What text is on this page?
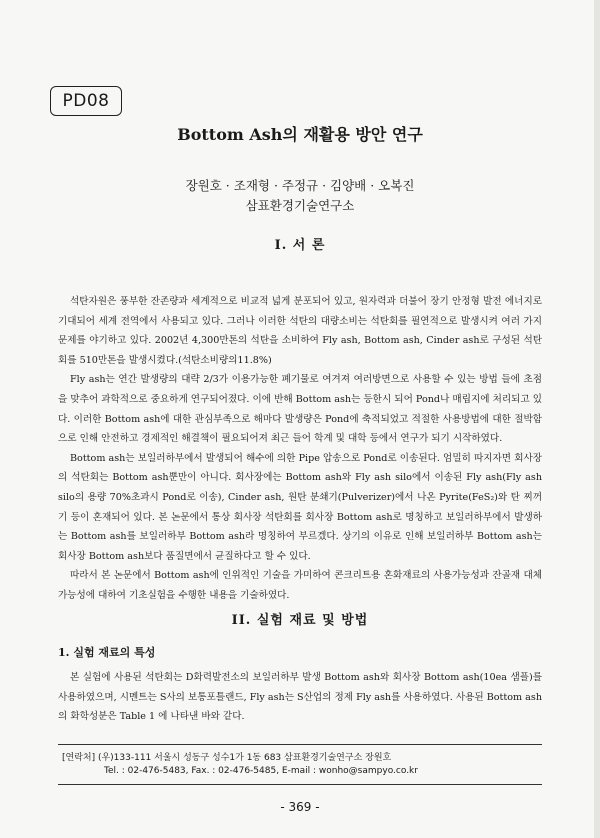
PD08
Bottom Ash의 재활용 방안 연구
장원호 · 조재형 · 주정규 · 김양배 · 오복진
삼표환경기술연구소
I. 서 론

석탄자원은 풍부한 잔존량과 세계적으로 비교적 넓게 분포되어 있고, 원자력과 더불어 장기 안정형 발전 에너지로 기대되어 세계 전역에서 사용되고 있다. 그러나 이러한 석탄의 대량소비는 석탄회를 필연적으로 발생시켜 여러 가지 문제를 야기하고 있다. 2002년 4,300만톤의 석탄을 소비하여 Fly ash, Bottom ash, Cinder ash로 구성된 석탄회를 510만톤을 발생시켰다.(석탄소비량의11.8%)

Fly ash는 연간 발생량의 대략 2/3가 이용가능한 폐기물로 여겨져 여러방면으로 사용할 수 있는 방법 들에 초점을 맞추어 과학적으로 중요하게 연구되어졌다. 이에 반해 Bottom ash는 등한시 되어 Pond나 매립지에 처리되고 있다. 이러한 Bottom ash에 대한 관심부족으로 해마다 발생량은 Pond에 축적되었고 적절한 사용방법에 대한 절박함으로 인해 안전하고 경제적인 해결책이 필요되어져 최근 들어 학계 및 대학 등에서 연구가 되기 시작하였다.

Bottom ash는 보일러하부에서 발생되어 해수에 의한 Pipe 압송으로 Pond로 이송된다. 엄밀히 따지자면 회사장의 석탄회는 Bottom ash뿐만이 아니다. 회사장에는 Bottom ash와 Fly ash silo에서 이송된 Fly ash(Fly ash silo의 용량 70%초과시 Pond로 이송), Cinder ash, 원탄 분쇄기(Pulverizer)에서 나온 Pyrite(FeS₂)와 탄 찌꺼기 등이 혼재되어 있다. 본 논문에서 통상 회사장 석탄회를 회사장 Bottom ash로 명칭하고 보일러하부에서 발생하는 Bottom ash를 보일러하부 Bottom ash라 명칭하여 부르겠다. 상기의 이유로 인해 보일러하부 Bottom ash는 회사장 Bottom ash보다 품질면에서 균질하다고 할 수 있다.

따라서 본 논문에서 Bottom ash에 인위적인 기술을 가미하여 콘크리트용 혼화재료의 사용가능성과 잔골재 대체 가능성에 대하여 기초실험을 수행한 내용을 기술하였다.

II. 실험 재료 및 방법
1. 실험 재료의 특성

본 실험에 사용된 석탄회는 D화력발전소의 보일러하부 발생 Bottom ash와 회사장 Bottom ash(10ea 샘플)를 사용하였으며, 시멘트는 S사의 보통포틀랜드, Fly ash는 S산업의 정제 Fly ash를 사용하였다. 사용된 Bottom ash의 화학성분은 Table 1 에 나타낸 바와 같다.

[연락처] (우)133-111 서울시 성동구 성수1가 1동 683 삼표환경기술연구소 장원호
Tel. : 02-476-5483, Fax. : 02-476-5485, E-mail : wonho@sampyo.co.kr
- 369 -
